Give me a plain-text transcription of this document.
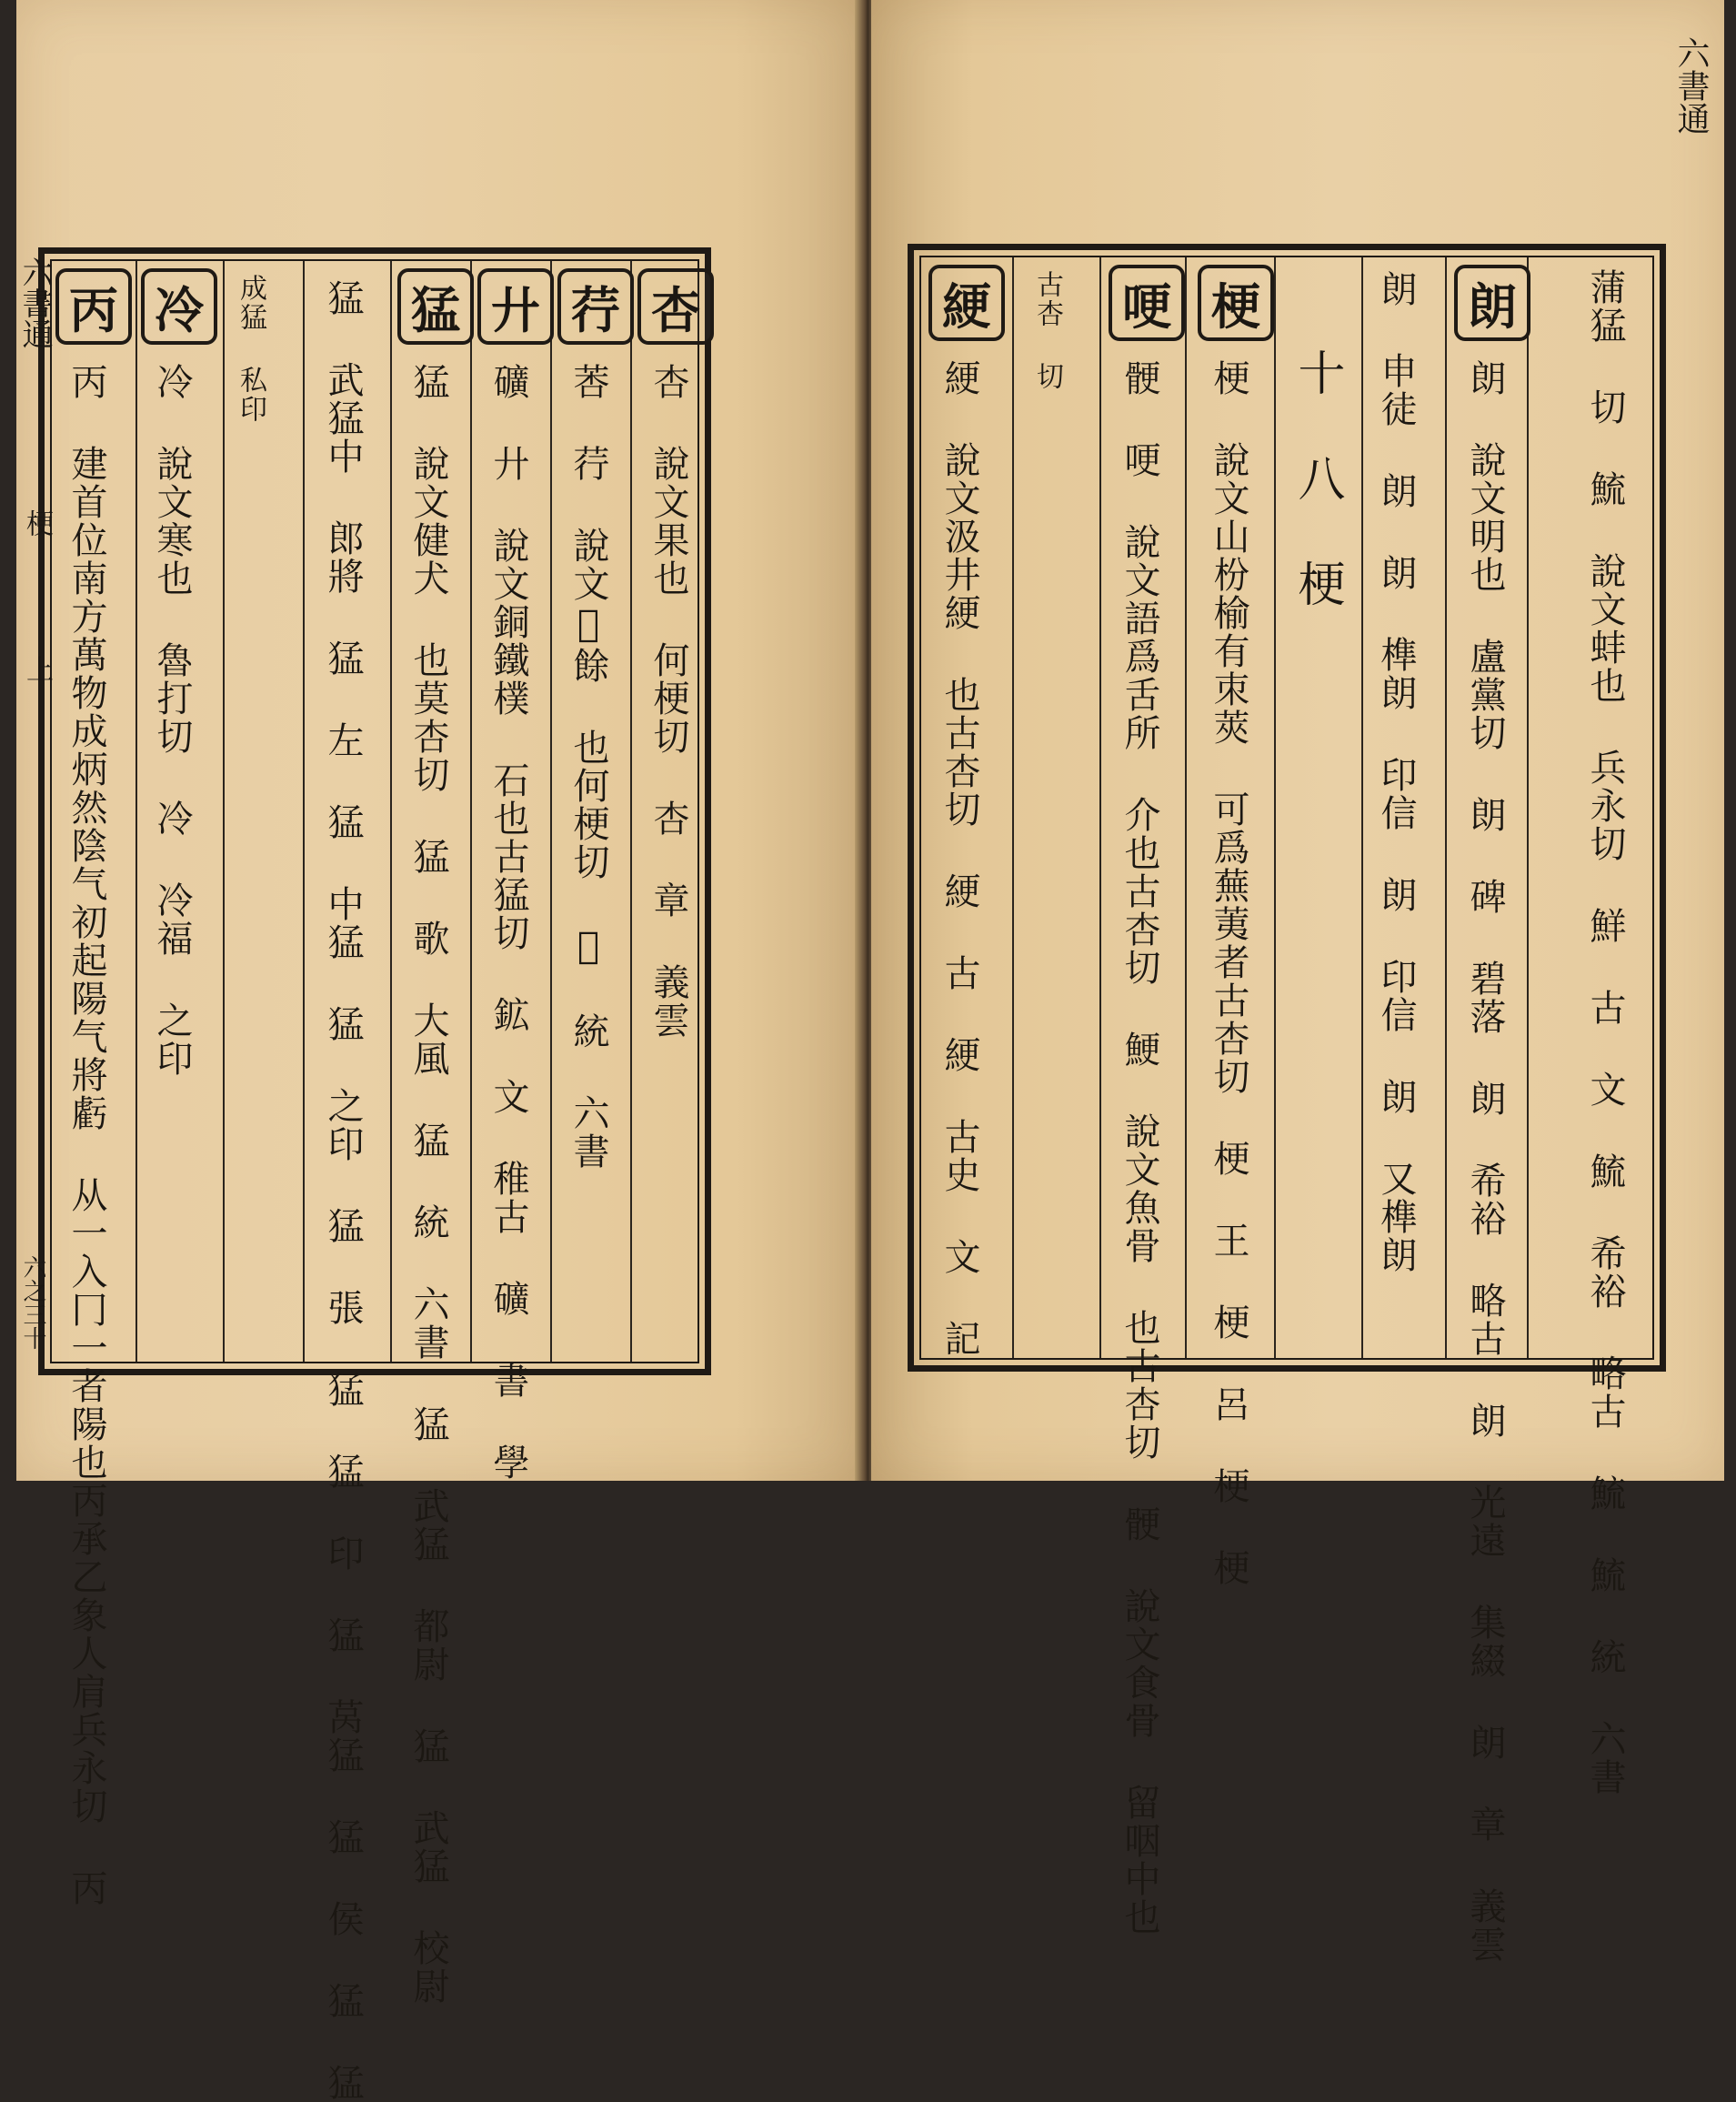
杏
杏 說文果也 何梗切 杏 章 義雲
荇
莕 荇 說文𦹗餘 也何梗切 𦹗 統 六書
廾
礦 廾 說文銅鐵樸 石也古猛切 鉱 文 稚古 礦 書 學
猛
猛 說文健犬 也莫杏切 猛 歌 大風 猛 統 六書 猛 武猛 都尉 猛 武猛 校尉
猛 武猛中 郎將 猛 左 猛 中猛 猛 之印 猛 張 猛 猛 印 猛 莴猛 猛 侯 猛 猛
成猛 私印
冷
冷 說文寒也 魯打切 冷 冷福 之印
丙
丙 建首位南方萬物成炳然陰气初起陽气將虧 从一入冂一者陽也丙承乙象人肩兵永切 丙
六書通
梗
上
六之三十	蒲猛 切 鯍 說文蚌也 兵永切 鮮 古 文 鯍 希裕 略古 鯍 鯍 統 六書
朗
朗 說文明也 盧黨切 朗 碑 碧落 朗 希裕 略古 朗 光遠 集綴 朗 章 義雲
朗 申徒 朗 朗 榫朗 印信 朗 印信 朗 又榫朗
十 八 梗
梗
梗 說文山枌榆有朿莢 可爲蕪荑者古杏切 梗 王 梗 呂 梗 梗
哽
骾 哽 說文語爲舌所 介也古杏切 鯁 說文魚骨 也古杏切 骾 說文食骨 留咽中也
古杏 切
綆
綆 說文汲井綆 也古杏切 綆 古 綆 古史 文 記
六書通
